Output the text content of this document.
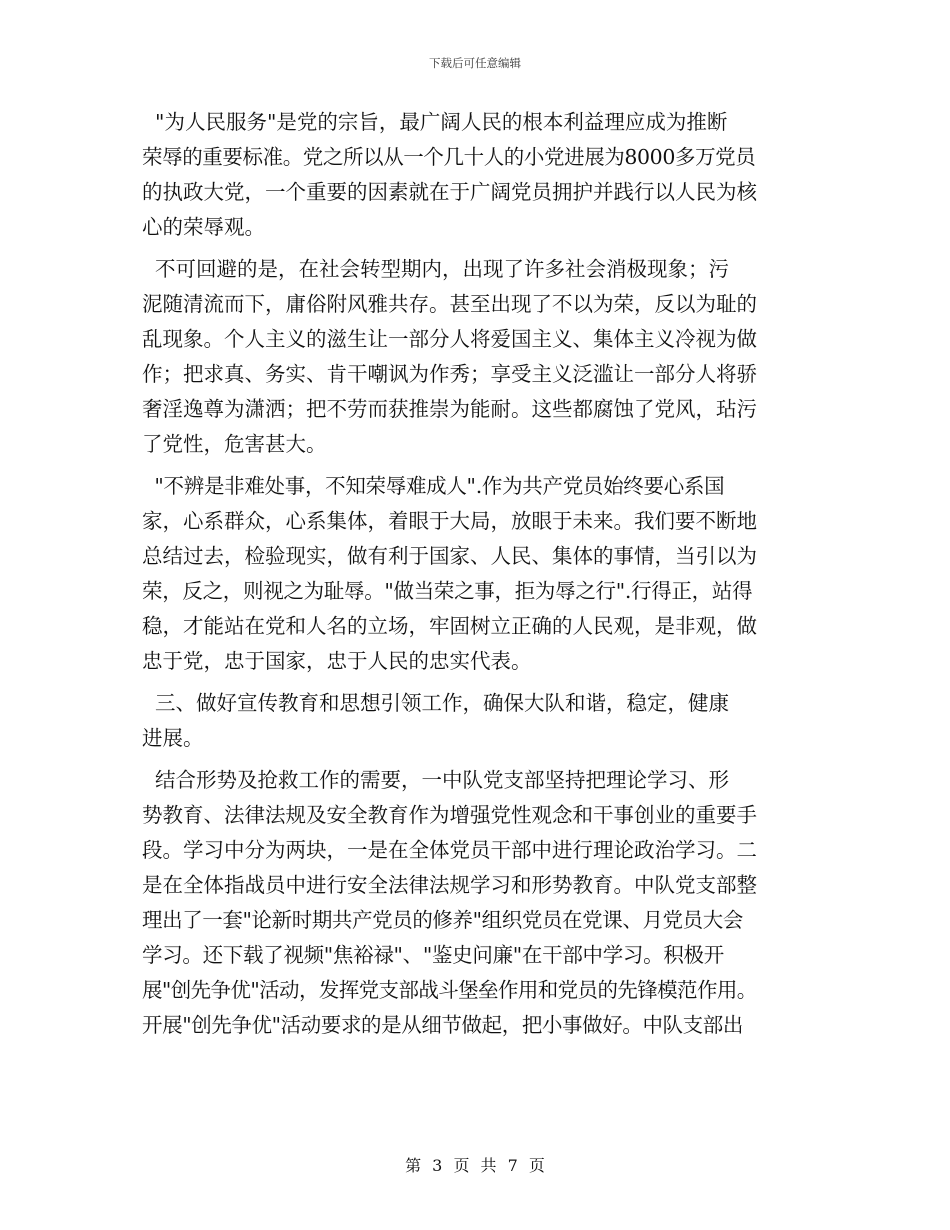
下载后可任意编辑
"为人民服务"是党的宗旨，最广阔人民的根本利益理应成为推断
荣辱的重要标准。党之所以从一个几十人的小党进展为8000多万党员
的执政大党，一个重要的因素就在于广阔党员拥护并践行以人民为核
心的荣辱观。
不可回避的是，在社会转型期内，出现了许多社会消极现象；污
泥随清流而下，庸俗附风雅共存。甚至出现了不以为荣，反以为耻的
乱现象。个人主义的滋生让一部分人将爱国主义、集体主义冷视为做
作；把求真、务实、肯干嘲讽为作秀；享受主义泛滥让一部分人将骄
奢淫逸尊为潇洒；把不劳而获推崇为能耐。这些都腐蚀了党风，玷污
了党性，危害甚大。
"不辨是非难处事，不知荣辱难成人".作为共产党员始终要心系国
家，心系群众，心系集体，着眼于大局，放眼于未来。我们要不断地
总结过去，检验现实，做有利于国家、人民、集体的事情，当引以为
荣，反之，则视之为耻辱。"做当荣之事，拒为辱之行".行得正，站得
稳，才能站在党和人名的立场，牢固树立正确的人民观，是非观，做
忠于党，忠于国家，忠于人民的忠实代表。
三、做好宣传教育和思想引领工作，确保大队和谐，稳定，健康
进展。
结合形势及抢救工作的需要，一中队党支部坚持把理论学习、形
势教育、法律法规及安全教育作为增强党性观念和干事创业的重要手
段。学习中分为两块，一是在全体党员干部中进行理论政治学习。二
是在全体指战员中进行安全法律法规学习和形势教育。中队党支部整
理出了一套"论新时期共产党员的修养"组织党员在党课、月党员大会
学习。还下载了视频"焦裕禄"、"鉴史问廉"在干部中学习。积极开
展"创先争优"活动，发挥党支部战斗堡垒作用和党员的先锋模范作用。
开展"创先争优"活动要求的是从细节做起，把小事做好。中队支部出
第 3 页 共 7 页
